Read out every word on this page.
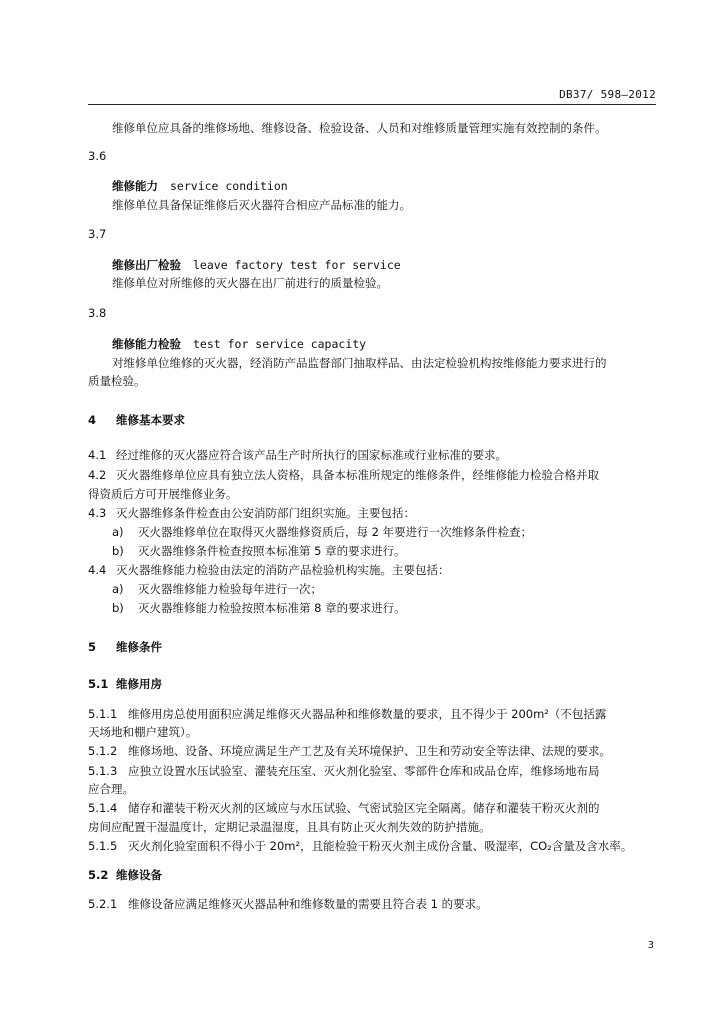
DB37/ 598—2012
维修单位应具备的维修场地、维修设备、检验设备、人员和对维修质量管理实施有效控制的条件。
3.6
维修能力 service condition
维修单位具备保证维修后灭火器符合相应产品标准的能力。
3.7
维修出厂检验 leave factory test for service
维修单位对所维修的灭火器在出厂前进行的质量检验。
3.8
维修能力检验 test for service capacity
对维修单位维修的灭火器，经消防产品监督部门抽取样品、由法定检验机构按维修能力要求进行的
质量检验。
4 维修基本要求
4.1 经过维修的灭火器应符合该产品生产时所执行的国家标准或行业标准的要求。
4.2 灭火器维修单位应具有独立法人资格，具备本标准所规定的维修条件，经维修能力检验合格并取
得资质后方可开展维修业务。
4.3 灭火器维修条件检查由公安消防部门组织实施。主要包括：
a) 灭火器维修单位在取得灭火器维修资质后，每 2 年要进行一次维修条件检查；
b) 灭火器维修条件检查按照本标准第 5 章的要求进行。
4.4 灭火器维修能力检验由法定的消防产品检验机构实施。主要包括：
a) 灭火器维修能力检验每年进行一次；
b) 灭火器维修能力检验按照本标准第 8 章的要求进行。
5 维修条件
5.1 维修用房
5.1.1 维修用房总使用面积应满足维修灭火器品种和维修数量的要求，且不得少于 200m²（不包括露
天场地和棚户建筑）。
5.1.2 维修场地、设备、环境应满足生产工艺及有关环境保护、卫生和劳动安全等法律、法规的要求。
5.1.3 应独立设置水压试验室、灌装充压室、灭火剂化验室、零部件仓库和成品仓库，维修场地布局
应合理。
5.1.4 储存和灌装干粉灭火剂的区域应与水压试验、气密试验区完全隔离。储存和灌装干粉灭火剂的
房间应配置干湿温度计，定期记录温湿度，且具有防止灭火剂失效的防护措施。
5.1.5 灭火剂化验室面积不得小于 20m²，且能检验干粉灭火剂主成份含量、吸湿率，CO₂含量及含水率。
5.2 维修设备
5.2.1 维修设备应满足维修灭火器品种和维修数量的需要且符合表 1 的要求。
3
